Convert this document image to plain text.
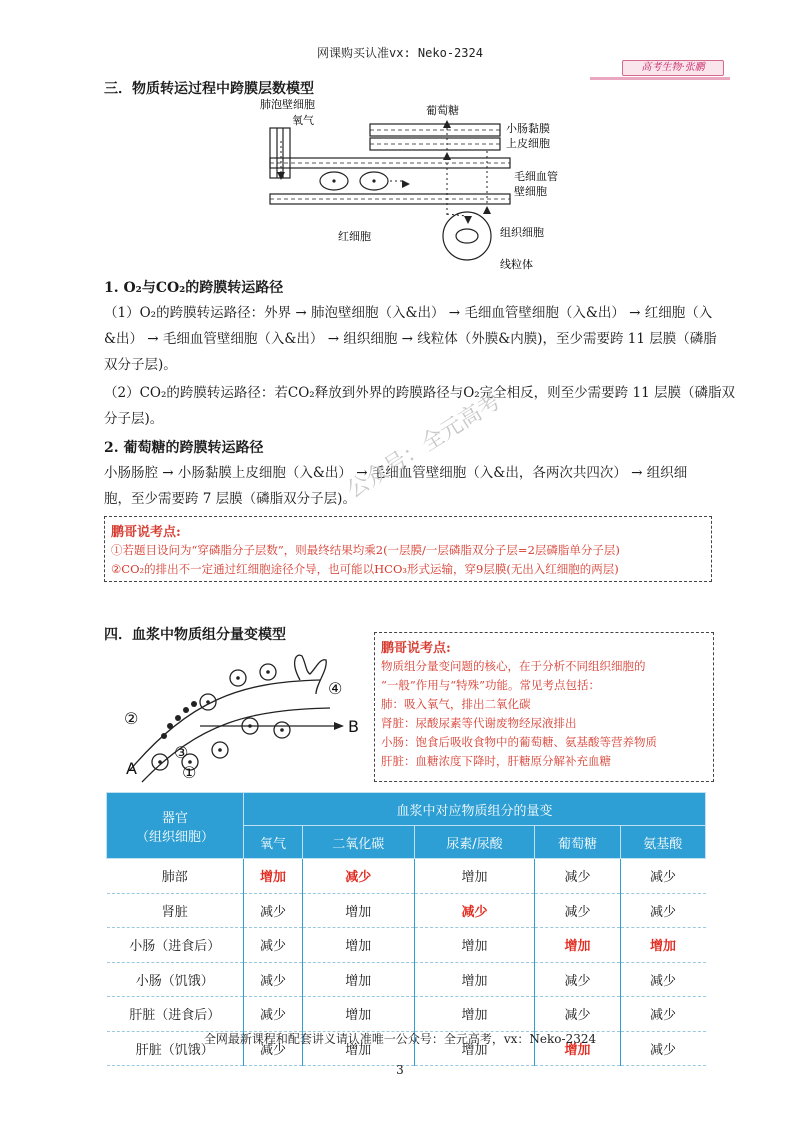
网课购买认准vx: Neko-2324
高考生物·张鹏
三．物质转运过程中跨膜层数模型
肺泡壁细胞
氧气
葡萄糖
小肠黏膜
上皮细胞
毛细血管
壁细胞
红细胞	组织细胞
线粒体
1. O₂与CO₂的跨膜转运路径
（1）O₂的跨膜转运路径：外界 → 肺泡壁细胞（入&出） → 毛细血管壁细胞（入&出） → 红细胞（入
&出） → 毛细血管壁细胞（入&出） → 组织细胞 → 线粒体（外膜&内膜)，至少需要跨 11 层膜（磷脂
双分子层)。
（2）CO₂的跨膜转运路径：若CO₂释放到外界的跨膜路径与O₂完全相反，则至少需要跨 11 层膜（磷脂双
分子层)。
2. 葡萄糖的跨膜转运路径
小肠肠腔 → 小肠黏膜上皮细胞（入&出） → 毛细血管壁细胞（入&出，各两次共四次） → 组织细
胞，至少需要跨 7 层膜（磷脂双分子层)。
公众号：全元高考
鹏哥说考点:
①若题目设问为“穿磷脂分子层数”，则最终结果均乘2(一层膜/一层磷脂双分子层=2层磷脂单分子层)
②CO₂的排出不一定通过红细胞途径介导，也可能以HCO₃形式运输，穿9层膜(无出入红细胞的两层)
四．血浆中物质组分量变模型
②
④
③
①
A
B
鹏哥说考点:
物质组分量变问题的核心，在于分析不同组织细胞的
“一般”作用与“特殊”功能。常见考点包括：
肺：吸入氧气，排出二氧化碳
肾脏：尿酸尿素等代谢废物经尿液排出
小肠：饱食后吸收食物中的葡萄糖、氨基酸等营养物质
肝脏：血糖浓度下降时，肝糖原分解补充血糖
器官
（组织细胞）	血浆中对应物质组分的量变				
	氧气	二氧化碳	尿素/尿酸	葡萄糖	氨基酸
肺部	增加	减少	增加	减少	减少
肾脏	减少	增加	减少	减少	减少
小肠（进食后）	减少	增加	增加	增加	增加
小肠（饥饿）	减少	增加	增加	减少	减少
肝脏（进食后）	减少	增加	增加	减少	减少
肝脏（饥饿）	减少	增加	增加	增加	减少
全网最新课程和配套讲义请认准唯一公众号：全元高考，vx：Neko-2324
3
